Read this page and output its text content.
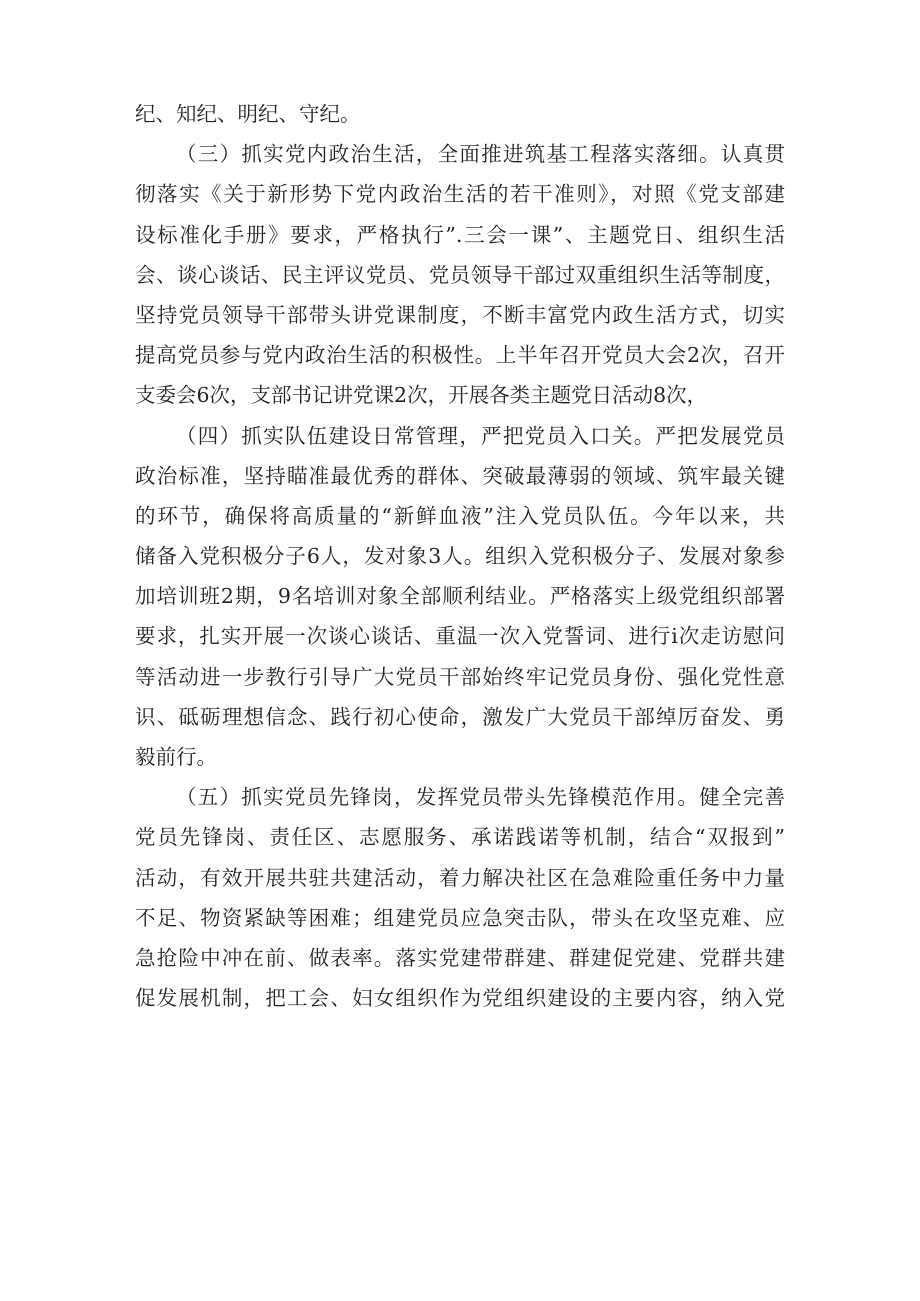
纪、知纪、明纪、守纪。
（三）抓实党内政治生活，全面推进筑基工程落实落细。认真贯
彻落实《关于新形势下党内政治生活的若干准则》，对照《党支部建
设标准化手册》要求，严格执行”.三会一课”、主题党日、组织生活
会、谈心谈话、民主评议党员、党员领导干部过双重组织生活等制度，
坚持党员领导干部带头讲党课制度，不断丰富党内政生活方式，切实
提高党员参与党内政治生活的积极性。上半年召开党员大会2次，召开
支委会6次，支部书记讲党课2次，开展各类主题党日活动8次，
（四）抓实队伍建设日常管理，严把党员入口关。严把发展党员
政治标准，坚持瞄准最优秀的群体、突破最薄弱的领域、筑牢最关键
的环节，确保将高质量的“新鲜血液”注入党员队伍。今年以来，共
储备入党积极分子6人，发对象3人。组织入党积极分子、发展对象参
加培训班2期，9名培训对象全部顺利结业。严格落实上级党组织部署
要求，扎实开展一次谈心谈话、重温一次入党誓词、进行i次走访慰问
等活动进一步教行引导广大党员干部始终牢记党员身份、强化党性意
识、砥砺理想信念、践行初心使命，激发广大党员干部绰厉奋发、勇
毅前行。
（五）抓实党员先锋岗，发挥党员带头先锋模范作用。健全完善
党员先锋岗、责任区、志愿服务、承诺践诺等机制，结合“双报到”
活动，有效开展共驻共建活动，着力解决社区在急难险重任务中力量
不足、物资紧缺等困难；组建党员应急突击队，带头在攻坚克难、应
急抢险中冲在前、做表率。落实党建带群建、群建促党建、党群共建
促发展机制，把工会、妇女组织作为党组织建设的主要内容，纳入党
